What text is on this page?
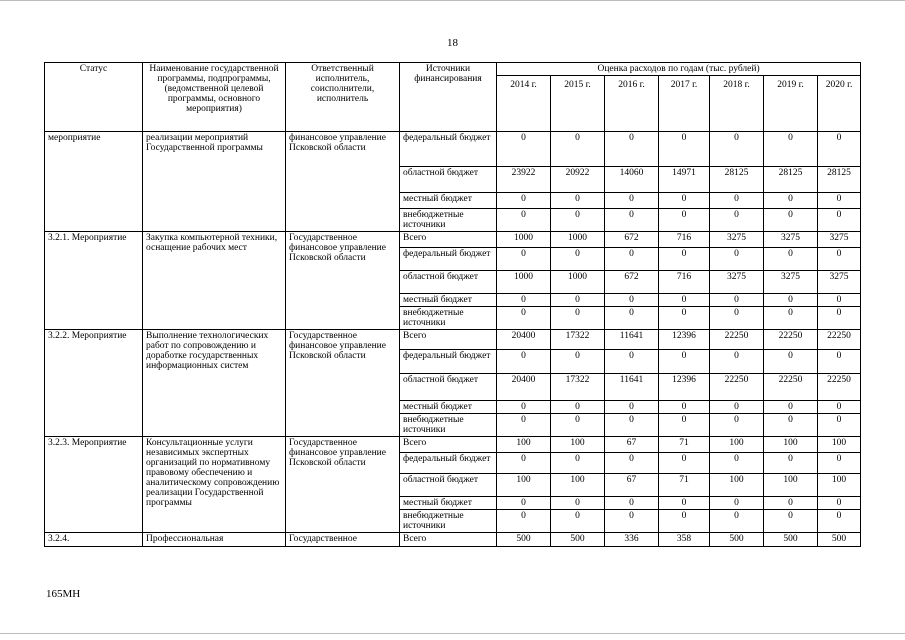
18
Статус	Наименование государственной программы, подпрограммы, (ведомственной целевой программы, основного мероприятия)	Ответственный исполнитель, соисполнители, исполнитель	Источники финансирования	Оценка расходов по годам (тыс. рублей)						
				2014 г.	2015 г.	2016 г.	2017 г.	2018 г.	2019 г.	2020 г.
мероприятие	реализации мероприятий Государственной программы	финансовое управление Псковской области	федеральный бюджет	0	0	0	0	0	0	0
			областной бюджет	23922	20922	14060	14971	28125	28125	28125
			местный бюджет	0	0	0	0	0	0	0
			внебюджетные источники	0	0	0	0	0	0	0
3.2.1. Мероприятие	Закупка компьютерной техники, оснащение рабочих мест	Государственное финансовое управление Псковской области	Всего	1000	1000	672	716	3275	3275	3275
			федеральный бюджет	0	0	0	0	0	0	0
			областной бюджет	1000	1000	672	716	3275	3275	3275
			местный бюджет	0	0	0	0	0	0	0
			внебюджетные источники	0	0	0	0	0	0	0
3.2.2. Мероприятие	Выполнение технологических работ по сопровождению и доработке государственных информационных систем	Государственное финансовое управление Псковской области	Всего	20400	17322	11641	12396	22250	22250	22250
			федеральный бюджет	0	0	0	0	0	0	0
			областной бюджет	20400	17322	11641	12396	22250	22250	22250
			местный бюджет	0	0	0	0	0	0	0
			внебюджетные источники	0	0	0	0	0	0	0
3.2.3. Мероприятие	Консультационные услуги независимых экспертных организаций по нормативному правовому обеспечению и аналитическому сопровождению реализации Государственной программы	Государственное финансовое управление Псковской области	Всего	100	100	67	71	100	100	100
			федеральный бюджет	0	0	0	0	0	0	0
			областной бюджет	100	100	67	71	100	100	100
			местный бюджет	0	0	0	0	0	0	0
			внебюджетные источники	0	0	0	0	0	0	0
3.2.4.	Профессиональная	Государственное	Всего	500	500	336	358	500	500	500
165МН
